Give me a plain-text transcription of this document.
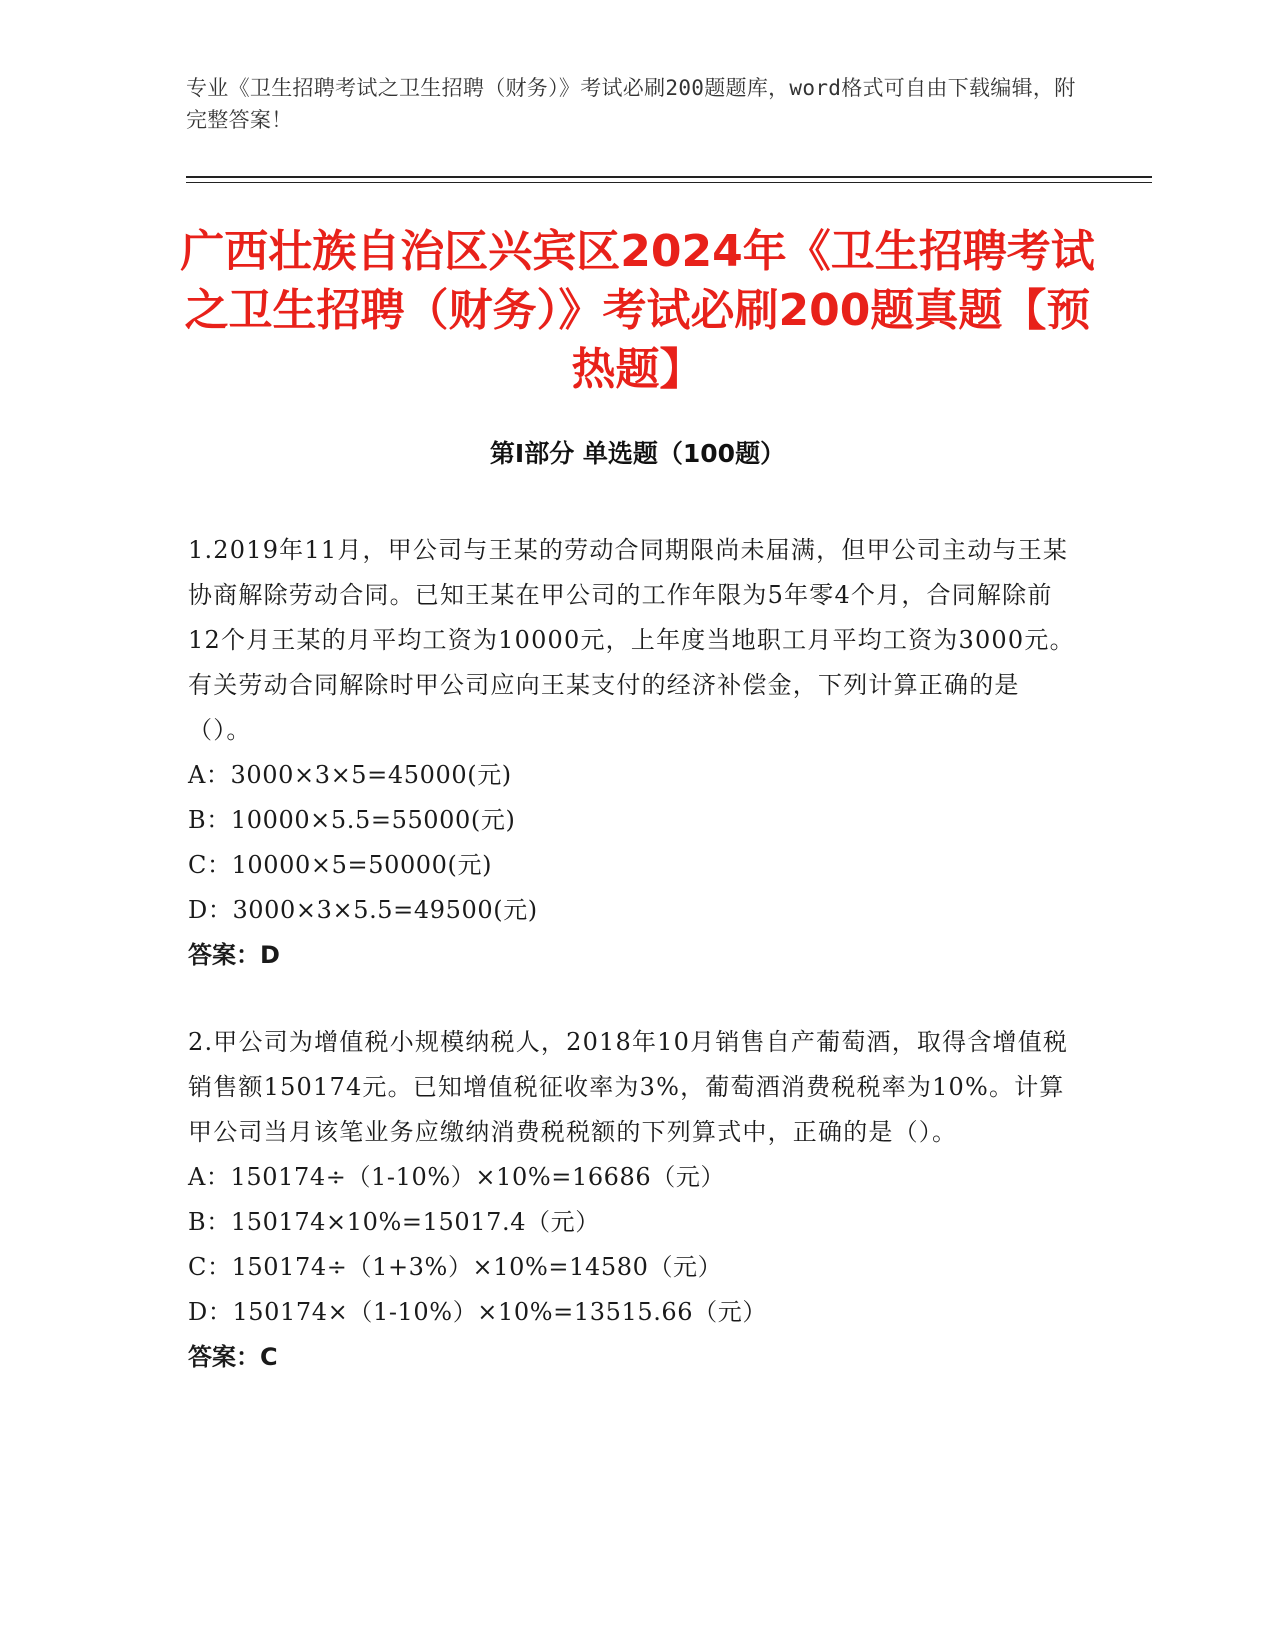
专业《卫生招聘考试之卫生招聘（财务）》考试必刷200题题库，word格式可自由下载编辑，附完整答案！
广西壮族自治区兴宾区2024年《卫生招聘考试之卫生招聘（财务）》考试必刷200题真题【预热题】
第I部分 单选题（100题）
1.2019年11月，甲公司与王某的劳动合同期限尚未届满，但甲公司主动与王某协商解除劳动合同。已知王某在甲公司的工作年限为5年零4个月，合同解除前12个月王某的月平均工资为10000元，上年度当地职工月平均工资为3000元。有关劳动合同解除时甲公司应向王某支付的经济补偿金，下列计算正确的是（）。
A：3000×3×5=45000(元)
B：10000×5.5=55000(元)
C：10000×5=50000(元)
D：3000×3×5.5=49500(元)
答案：D
2.甲公司为增值税小规模纳税人，2018年10月销售自产葡萄酒，取得含增值税销售额150174元。已知增值税征收率为3%，葡萄酒消费税税率为10%。计算甲公司当月该笔业务应缴纳消费税税额的下列算式中，正确的是（）。
A：150174÷（1-10%）×10%=16686（元）
B：150174×10%=15017.4（元）
C：150174÷（1+3%）×10%=14580（元）
D：150174×（1-10%）×10%=13515.66（元）
答案：C
